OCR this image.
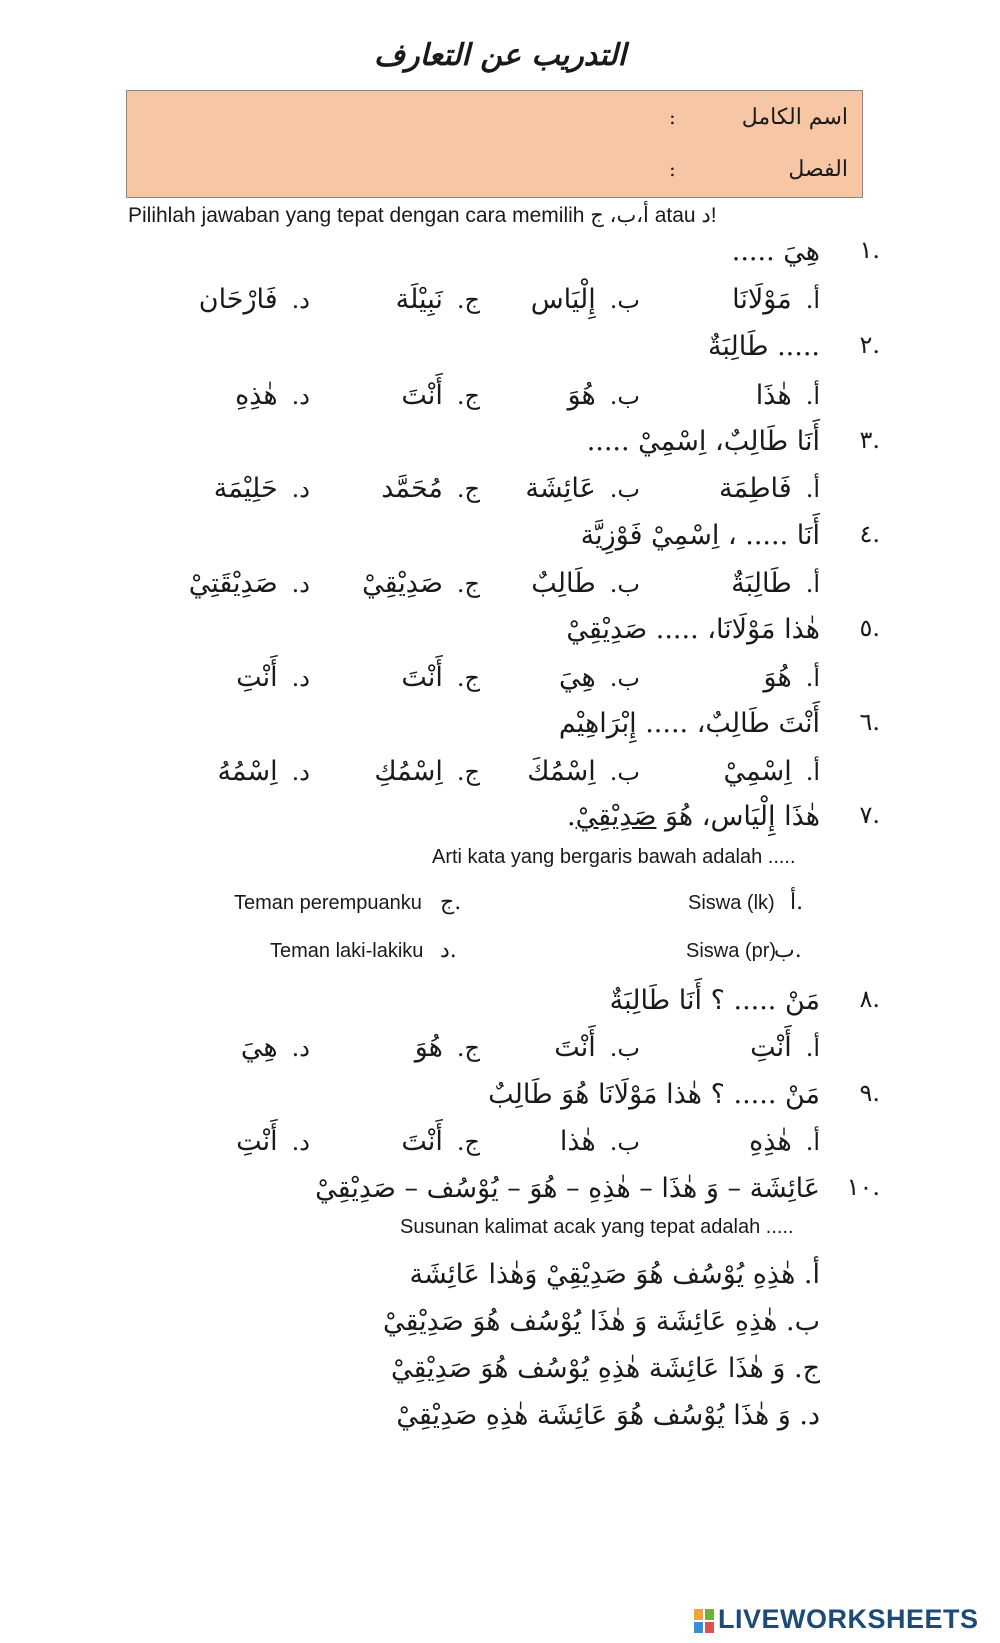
التدريب عن التعارف
اسم الكامل
:
الفصل
:
Pilihlah jawaban yang tepat dengan cara memilih أ،ب، ج atau د!
.١
هِيَ .....
أ.مَوْلَانَا
ب.إِلْيَاس
ج.نَبِيْلَة
د.فَارْحَان
.٢
..... طَالِبَةٌ
أ.هٰذَا
ب.هُوَ
ج.أَنْتَ
د.هٰذِهِ
.٣
أَنَا طَالِبٌ، اِسْمِيْ .....
أ.فَاطِمَة
ب.عَائِشَة
ج.مُحَمَّد
د.حَلِيْمَة
.٤
أَنَا ..... ، اِسْمِيْ فَوْزِيَّة
أ.طَالِبَةٌ
ب.طَالِبٌ
ج.صَدِيْقِيْ
د.صَدِيْقَتِيْ
.٥
هٰذا مَوْلَانَا، ..... صَدِيْقِيْ
أ.هُوَ
ب.هِيَ
ج.أَنْتَ
د.أَنْتِ
.٦
أَنْتَ طَالِبٌ، ..... إِبْرَاهِيْم
أ.اِسْمِيْ
ب.اِسْمُكَ
ج.اِسْمُكِ
د.اِسْمُهُ
.٧
هٰذَا إِلْيَاس، هُوَ صَدِيْقِيْ.
Arti kata yang bergaris bawah adalah .....
أ.
Siswa (lk)
ج.
Teman perempuanku
ب.
Siswa (pr)
د.
Teman laki-lakiku
.٨
مَنْ ..... ؟ أَنَا طَالِبَةٌ
أ.أَنْتِ
ب.أَنْتَ
ج.هُوَ
د.هِيَ
.٩
مَنْ ..... ؟ هٰذا مَوْلَانَا هُوَ طَالِبٌ
أ.هٰذِهِ
ب.هٰذا
ج.أَنْتَ
د.أَنْتِ
.١٠
عَائِشَة – وَ هٰذَا – هٰذِهِ – هُوَ – يُوْسُف – صَدِيْقِيْ
Susunan kalimat acak yang tepat adalah .....
أ. هٰذِهِ يُوْسُف هُوَ صَدِيْقِيْ وَهٰذا عَائِشَة
ب. هٰذِهِ عَائِشَة وَ هٰذَا يُوْسُف هُوَ صَدِيْقِيْ
ج. وَ هٰذَا عَائِشَة هٰذِهِ يُوْسُف هُوَ صَدِيْقِيْ
د. وَ هٰذَا يُوْسُف هُوَ عَائِشَة هٰذِهِ صَدِيْقِيْ
LIVEWORKSHEETS
